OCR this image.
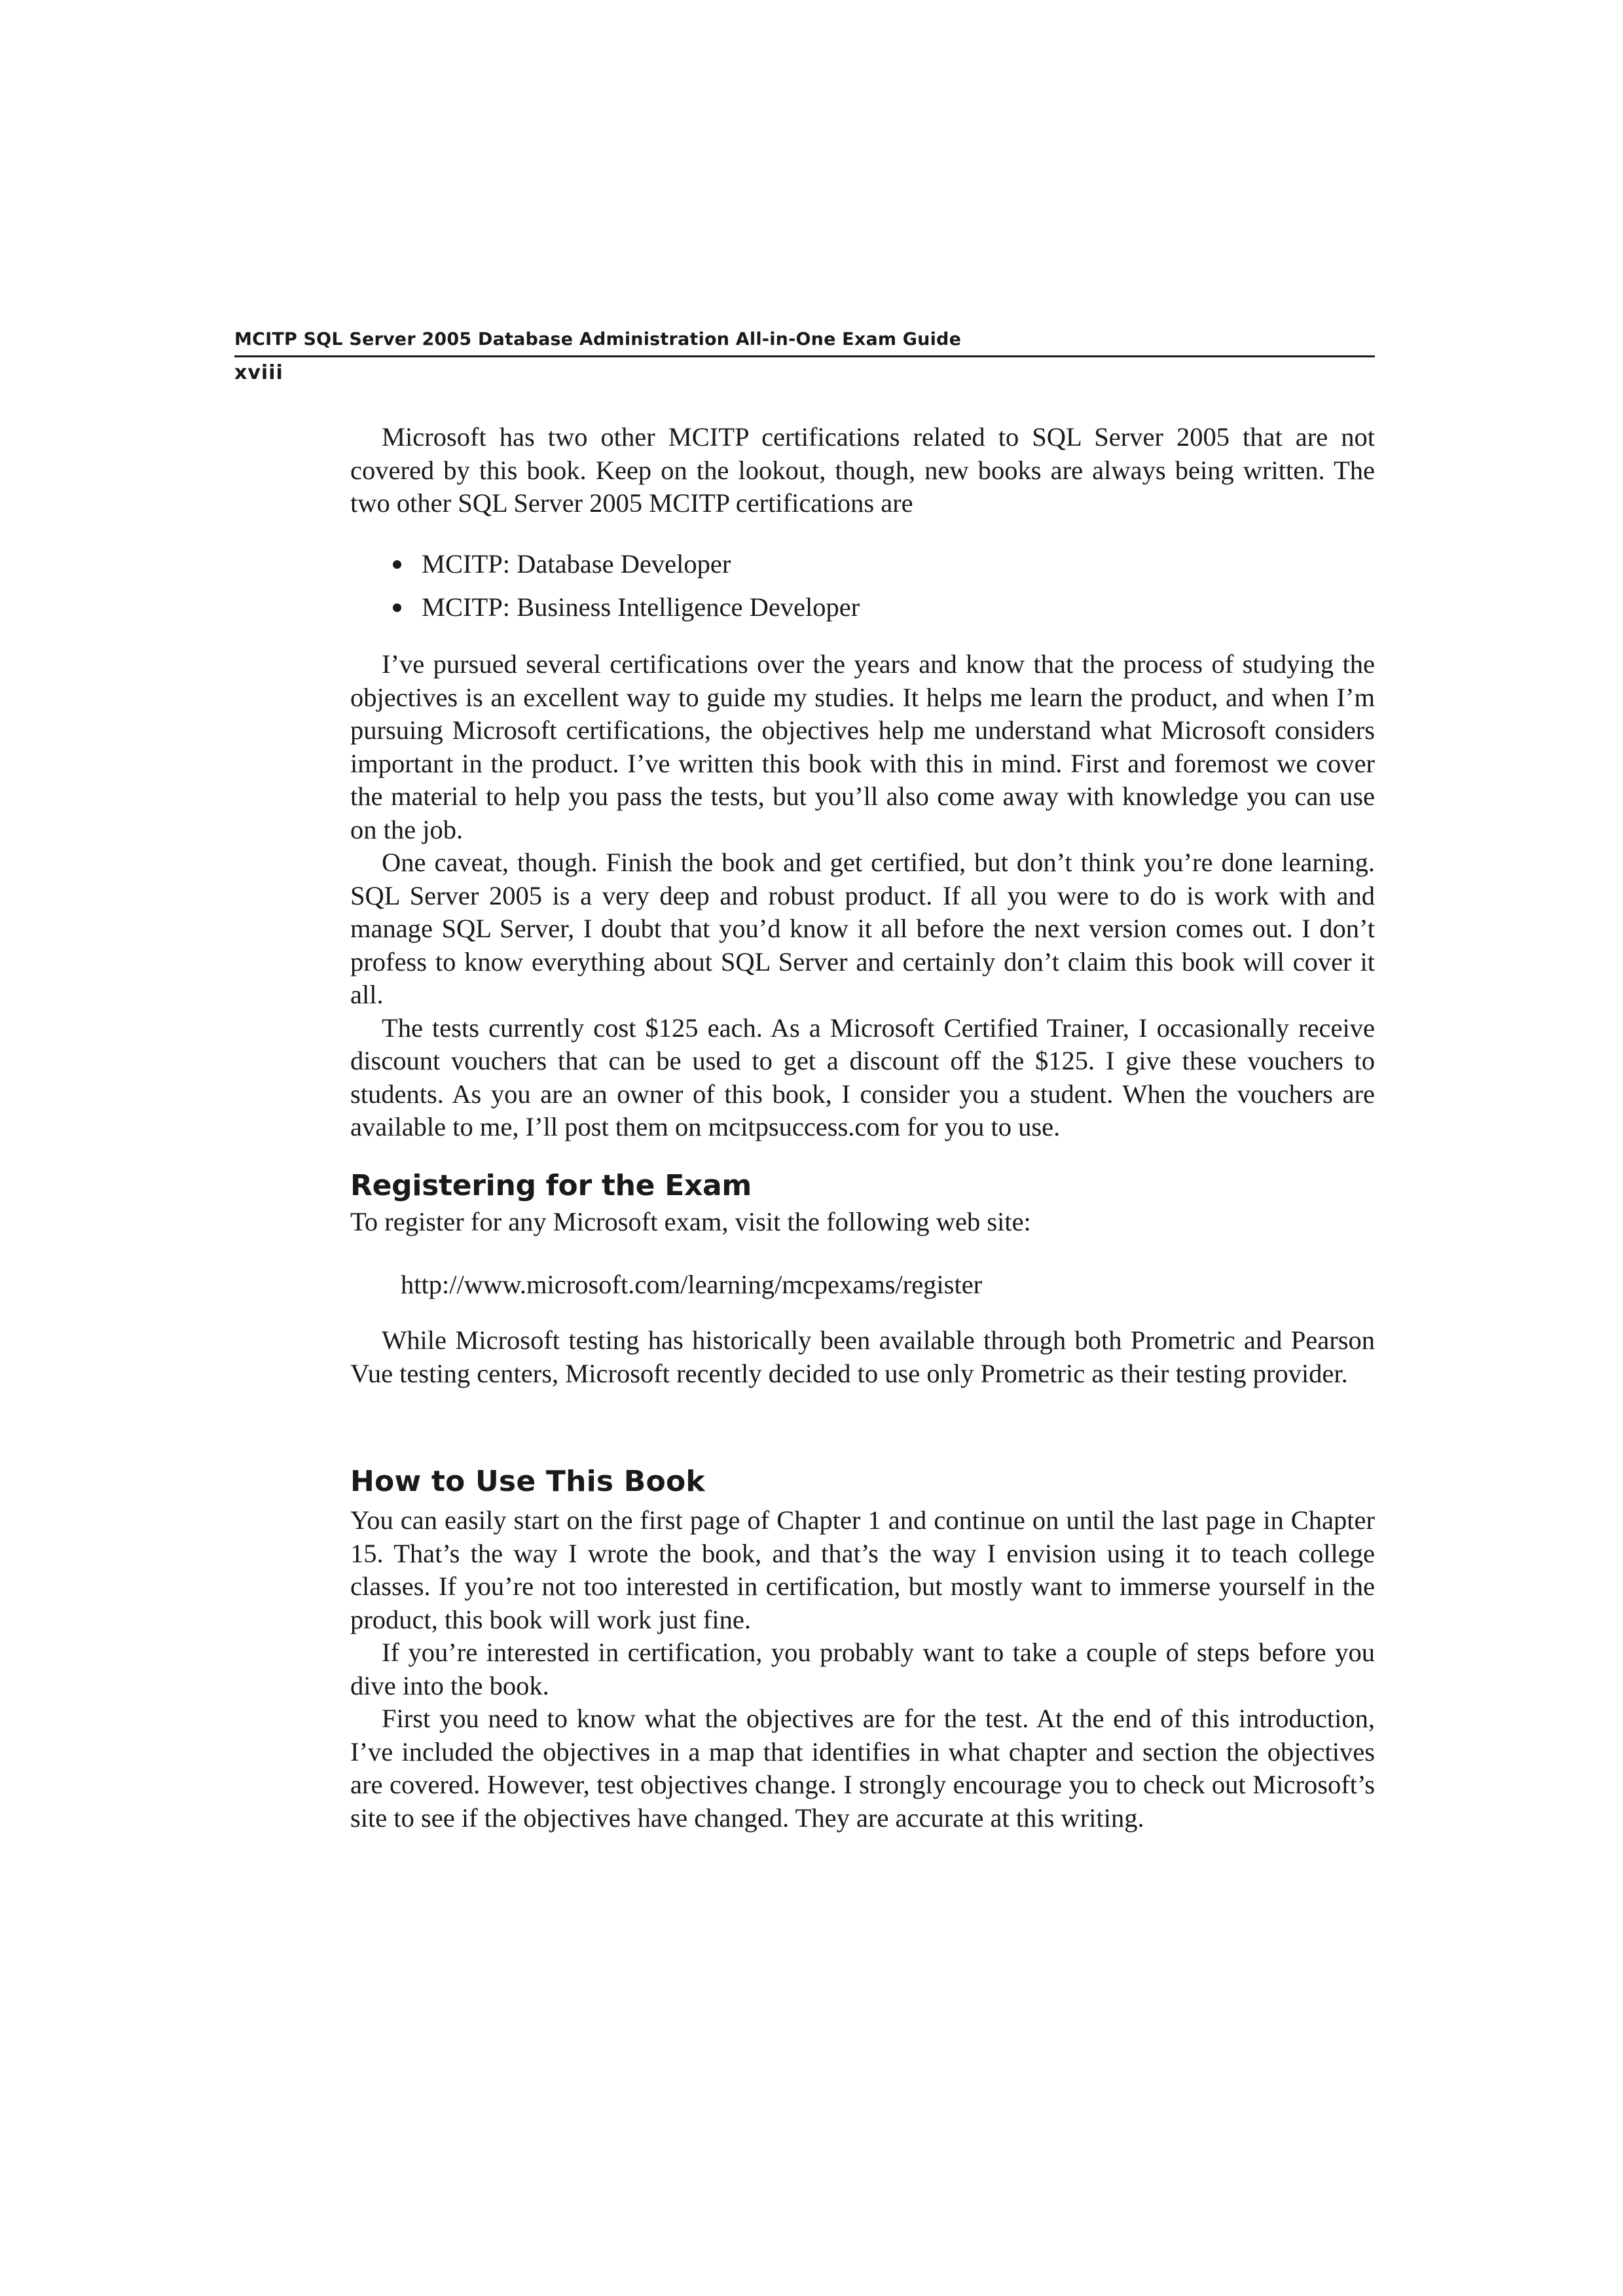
MCITP SQL Server 2005 Database Administration All-in-One Exam Guide
xviii

Microsoft has two other MCITP certifications related to SQL Server 2005 that are not covered by this book. Keep on the lookout, though, new books are always being written. The two other SQL Server 2005 MCITP certifications are

MCITP: Database Developer
MCITP: Business Intelligence Developer

I’ve pursued several certifications over the years and know that the process of studying the objectives is an excellent way to guide my studies. It helps me learn the product, and when I’m pursuing Microsoft certifications, the objectives help me understand what Microsoft considers important in the product. I’ve written this book with this in mind. First and foremost we cover the material to help you pass the tests, but you’ll also come away with knowledge you can use on the job.

One caveat, though. Finish the book and get certified, but don’t think you’re done learning. SQL Server 2005 is a very deep and robust product. If all you were to do is work with and manage SQL Server, I doubt that you’d know it all before the next version comes out. I don’t profess to know everything about SQL Server and certainly don’t claim this book will cover it all.

The tests currently cost $125 each. As a Microsoft Certified Trainer, I occasionally receive discount vouchers that can be used to get a discount off the $125. I give these vouchers to students. As you are an owner of this book, I consider you a student. When the vouchers are available to me, I’ll post them on mcitpsuccess.com for you to use.

Registering for the Exam

To register for any Microsoft exam, visit the following web site:

http://www.microsoft.com/learning/mcpexams/register

While Microsoft testing has historically been available through both Prometric and Pearson Vue testing centers, Microsoft recently decided to use only Prometric as their testing provider.

How to Use This Book

You can easily start on the first page of Chapter 1 and continue on until the last page in Chapter 15. That’s the way I wrote the book, and that’s the way I envision using it to teach college classes. If you’re not too interested in certification, but mostly want to immerse yourself in the product, this book will work just fine.

If you’re interested in certification, you probably want to take a couple of steps before you dive into the book.

First you need to know what the objectives are for the test. At the end of this introduction, I’ve included the objectives in a map that identifies in what chapter and section the objectives are covered. However, test objectives change. I strongly encourage you to check out Microsoft’s site to see if the objectives have changed. They are accurate at this writing.
